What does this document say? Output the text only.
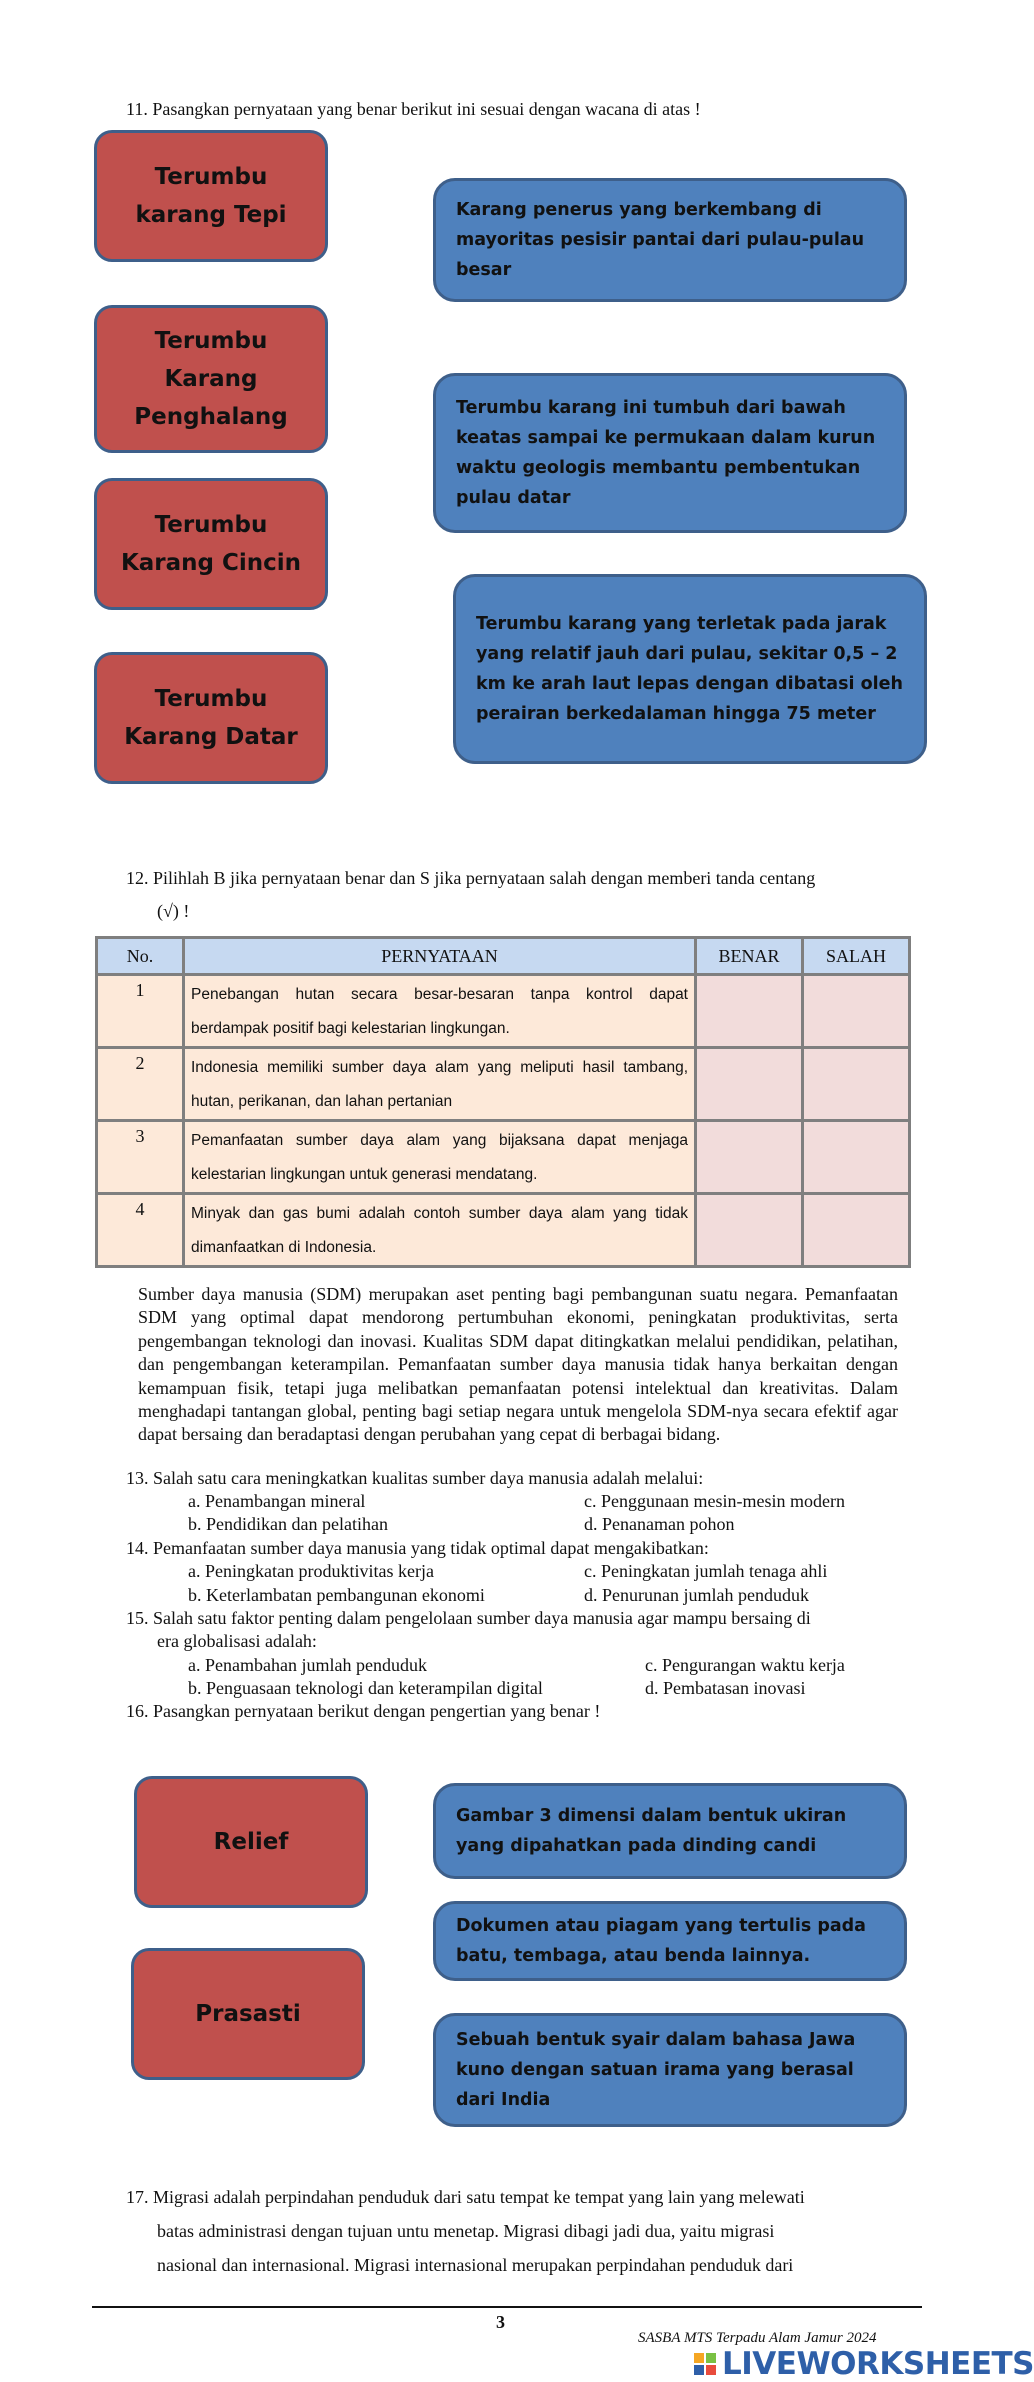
11. Pasangkan pernyataan yang benar berikut ini sesuai dengan wacana di atas !
Terumbu karang Tepi
Terumbu Karang Penghalang
Terumbu Karang Cincin
Terumbu Karang Datar
Karang penerus yang berkembang di mayoritas pesisir pantai dari pulau-pulau besar
Terumbu karang ini tumbuh dari bawah keatas sampai ke permukaan dalam kurun waktu geologis membantu pembentukan pulau datar
Terumbu karang yang terletak pada jarak yang relatif jauh dari pulau, sekitar 0,5 – 2 km ke arah laut lepas dengan dibatasi oleh perairan berkedalaman hingga 75 meter
12. Pilihlah B jika pernyataan benar dan S jika pernyataan salah dengan memberi tanda centang
(√) !
No.	PERNYATAAN	BENAR	SALAH
1	Penebangan hutan secara besar-besaran tanpa kontrol dapat berdampak positif bagi kelestarian lingkungan.		
2	Indonesia memiliki sumber daya alam yang meliputi hasil tambang, hutan, perikanan, dan lahan pertanian		
3	Pemanfaatan sumber daya alam yang bijaksana dapat menjaga kelestarian lingkungan untuk generasi mendatang.		
4	Minyak dan gas bumi adalah contoh sumber daya alam yang tidak dimanfaatkan di Indonesia.		
Sumber daya manusia (SDM) merupakan aset penting bagi pembangunan suatu negara. Pemanfaatan SDM yang optimal dapat mendorong pertumbuhan ekonomi, peningkatan produktivitas, serta pengembangan teknologi dan inovasi. Kualitas SDM dapat ditingkatkan melalui pendidikan, pelatihan, dan pengembangan keterampilan. Pemanfaatan sumber daya manusia tidak hanya berkaitan dengan kemampuan fisik, tetapi juga melibatkan pemanfaatan potensi intelektual dan kreativitas. Dalam menghadapi tantangan global, penting bagi setiap negara untuk mengelola SDM-nya secara efektif agar dapat bersaing dan beradaptasi dengan perubahan yang cepat di berbagai bidang.
13. Salah satu cara meningkatkan kualitas sumber daya manusia adalah melalui:
a. Penambangan mineral
b. Pendidikan dan pelatihan
c. Penggunaan mesin-mesin modern
d. Penanaman pohon
14. Pemanfaatan sumber daya manusia yang tidak optimal dapat mengakibatkan:
a. Peningkatan produktivitas kerja
b. Keterlambatan pembangunan ekonomi
c. Peningkatan jumlah tenaga ahli
d. Penurunan jumlah penduduk
15. Salah satu faktor penting dalam pengelolaan sumber daya manusia agar mampu bersaing di
era globalisasi adalah:
a. Penambahan jumlah penduduk
b. Penguasaan teknologi dan keterampilan digital
c. Pengurangan waktu kerja
d. Pembatasan inovasi
16. Pasangkan pernyataan berikut dengan pengertian yang benar !
Relief
Prasasti
Gambar 3 dimensi dalam bentuk ukiran yang dipahatkan pada dinding candi
Dokumen atau piagam yang tertulis pada batu, tembaga, atau benda lainnya.
Sebuah bentuk syair dalam bahasa Jawa kuno dengan satuan irama yang berasal dari India
17. Migrasi adalah perpindahan penduduk dari satu tempat ke tempat yang lain yang melewati
batas administrasi dengan tujuan untu menetap. Migrasi dibagi jadi dua, yaitu migrasi
nasional dan internasional. Migrasi internasional merupakan perpindahan penduduk dari
3
SASBA MTS Terpadu Alam Jamur 2024
LIVEWORKSHEETS
